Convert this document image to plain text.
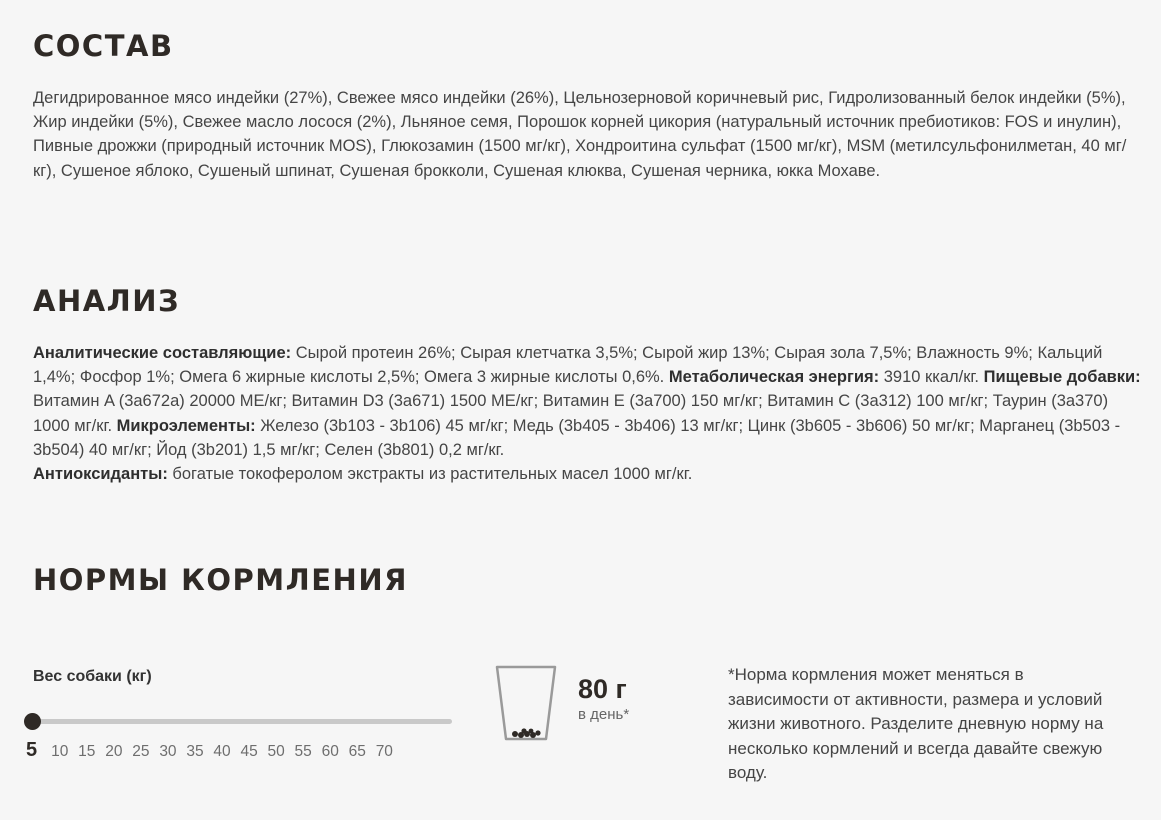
СОСТАВ

Дегидрированное мясо индейки (27%), Свежее мясо индейки (26%), Цельнозерновой коричневый рис, Гидролизованный белок индейки (5%), Жир индейки (5%), Свежее масло лосося (2%), Льняное семя, Порошок корней цикория (натуральный источник пребиотиков: FOS и инулин), Пивные дрожжи (природный источник MOS), Глюкозамин (1500 мг/кг), Хондроитина сульфат (1500 мг/кг), MSM (метилсульфонилметан, 40 мг/кг), Сушеное яблоко, Сушеный шпинат, Сушеная брокколи, Сушеная клюква, Сушеная черника, юкка Мохаве.

АНАЛИЗ

Аналитические составляющие: Сырой протеин 26%; Сырая клетчатка 3,5%; Сырой жир 13%; Сырая зола 7,5%; Влажность 9%; Кальций 1,4%; Фосфор 1%; Омега 6 жирные кислоты 2,5%; Омега 3 жирные кислоты 0,6%. Метаболическая энергия: 3910 ккал/кг. Пищевые добавки: Витамин A (3a672a) 20000 МЕ/кг; Витамин D3 (3a671) 1500 МЕ/кг; Витамин E (3a700) 150 мг/кг; Витамин C (3a312) 100 мг/кг; Таурин (3a370) 1000 мг/кг. Микроэлементы: Железо (3b103 - 3b106) 45 мг/кг; Медь (3b405 - 3b406) 13 мг/кг; Цинк (3b605 - 3b606) 50 мг/кг; Марганец (3b503 - 3b504) 40 мг/кг; Йод (3b201) 1,5 мг/кг; Селен (3b801) 0,2 мг/кг.
Антиоксиданты: богатые токоферолом экстракты из растительных масел 1000 мг/кг.

НОРМЫ КОРМЛЕНИЯ
Вес собаки (кг)
5 10 15 20 25 30 35 40 45 50 55 60 65 70
80 г
в день*

*Норма кормления может меняться в зависимости от активности, размера и условий жизни животного. Разделите дневную норму на несколько кормлений и всегда давайте свежую воду.
